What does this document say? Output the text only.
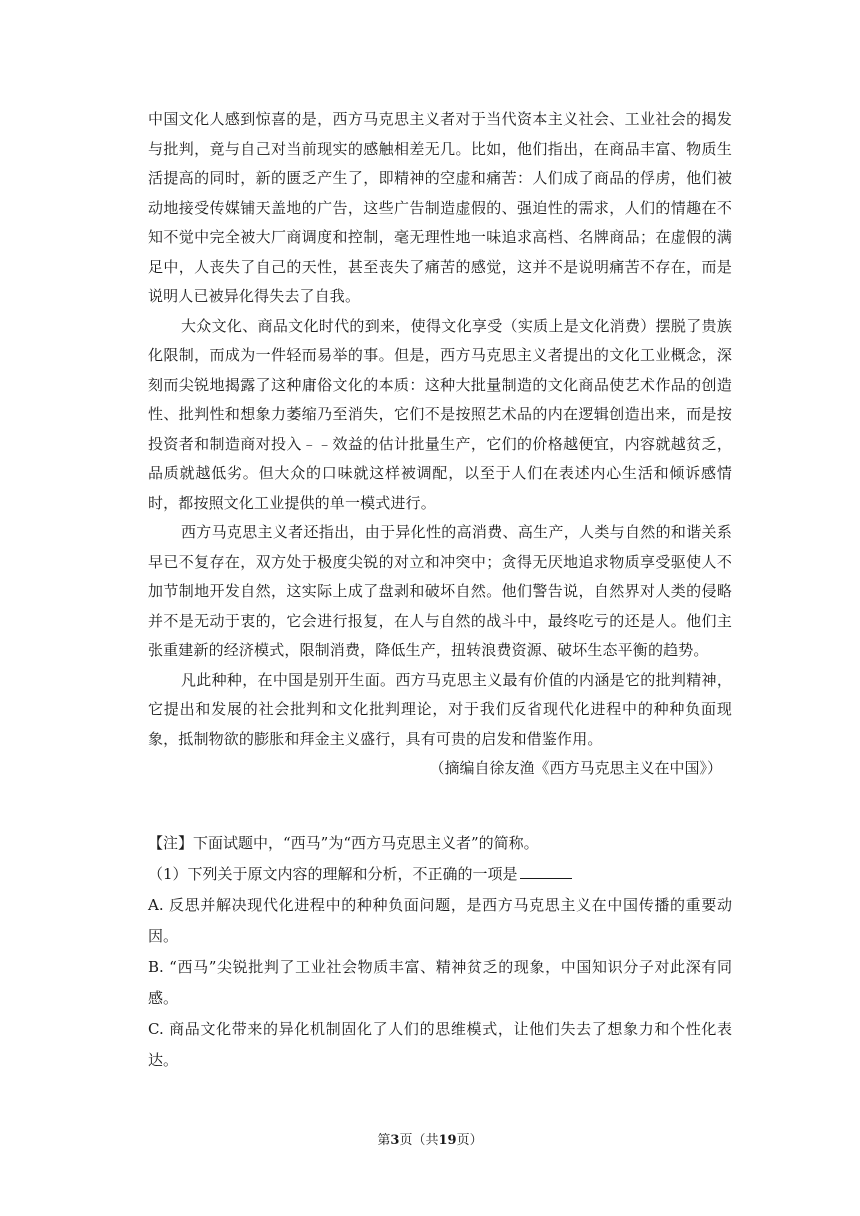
中国文化人感到惊喜的是，西方马克思主义者对于当代资本主义社会、工业社会的揭发与批判，竟与自己对当前现实的感触相差无几。比如，他们指出，在商品丰富、物质生活提高的同时，新的匮乏产生了，即精神的空虚和痛苦：人们成了商品的俘虏，他们被动地接受传媒铺天盖地的广告，这些广告制造虚假的、强迫性的需求，人们的情趣在不知不觉中完全被大厂商调度和控制，毫无理性地一味追求高档、名牌商品；在虚假的满足中，人丧失了自己的天性，甚至丧失了痛苦的感觉，这并不是说明痛苦不存在，而是说明人已被异化得失去了自我。

大众文化、商品文化时代的到来，使得文化享受（实质上是文化消费）摆脱了贵族化限制，而成为一件轻而易举的事。但是，西方马克思主义者提出的文化工业概念，深刻而尖锐地揭露了这种庸俗文化的本质：这种大批量制造的文化商品使艺术作品的创造性、批判性和想象力萎缩乃至消失，它们不是按照艺术品的内在逻辑创造出来，而是按投资者和制造商对投入﹣﹣效益的估计批量生产，它们的价格越便宜，内容就越贫乏，品质就越低劣。但大众的口味就这样被调配，以至于人们在表述内心生活和倾诉感情时，都按照文化工业提供的单一模式进行。

西方马克思主义者还指出，由于异化性的高消费、高生产，人类与自然的和谐关系早已不复存在，双方处于极度尖锐的对立和冲突中；贪得无厌地追求物质享受驱使人不加节制地开发自然，这实际上成了盘剥和破坏自然。他们警告说，自然界对人类的侵略并不是无动于衷的，它会进行报复，在人与自然的战斗中，最终吃亏的还是人。他们主张重建新的经济模式，限制消费，降低生产，扭转浪费资源、破坏生态平衡的趋势。

凡此种种，在中国是别开生面。西方马克思主义最有价值的内涵是它的批判精神，它提出和发展的社会批判和文化批判理论，对于我们反省现代化进程中的种种负面现象，抵制物欲的膨胀和拜金主义盛行，具有可贵的启发和借鉴作用。

（摘编自徐友渔《西方马克思主义在中国》）

【注】下面试题中，“西马”为“西方马克思主义者”的简称。

（1）下列关于原文内容的理解和分析，不正确的一项是

A. 反思并解决现代化进程中的种种负面问题，是西方马克思主义在中国传播的重要动因。

B. “西马”尖锐批判了工业社会物质丰富、精神贫乏的现象，中国知识分子对此深有同感。

C. 商品文化带来的异化机制固化了人们的思维模式，让他们失去了想象力和个性化表达。

第3页（共19页）
